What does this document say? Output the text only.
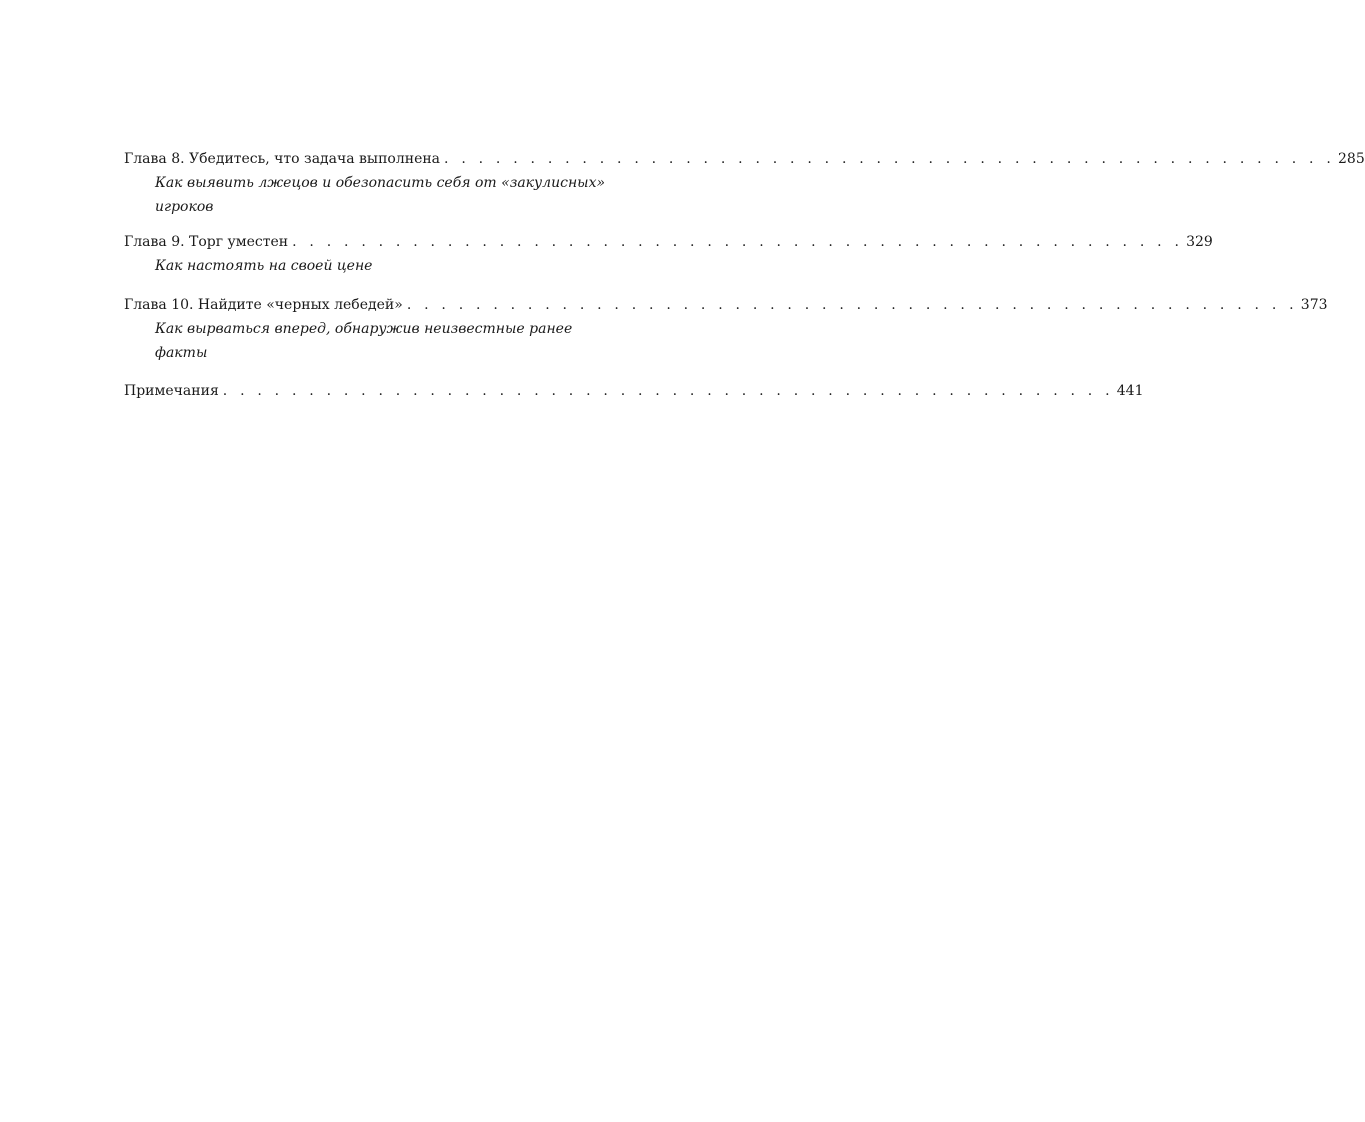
Глава 8. Убедитесь, что задача выполнена . . . . . . . . . . . . . . . . . . . . . . . . . . . . . . . . . . . . . . . . . . . . . . . . . . . . 285
Как выявить лжецов и обезопасить себя от «закулисных» игроков
Глава 9. Торг уместен . . . . . . . . . . . . . . . . . . . . . . . . . . . . . . . . . . . . . . . . . . . . . . . . . . . . 329
Как настоять на своей цене
Глава 10. Найдите «черных лебедей» . . . . . . . . . . . . . . . . . . . . . . . . . . . . . . . . . . . . . . . . . . . . . . . . . . . . 373
Как вырваться вперед, обнаружив неизвестные ранее факты
Примечания . . . . . . . . . . . . . . . . . . . . . . . . . . . . . . . . . . . . . . . . . . . . . . . . . . . . 441
